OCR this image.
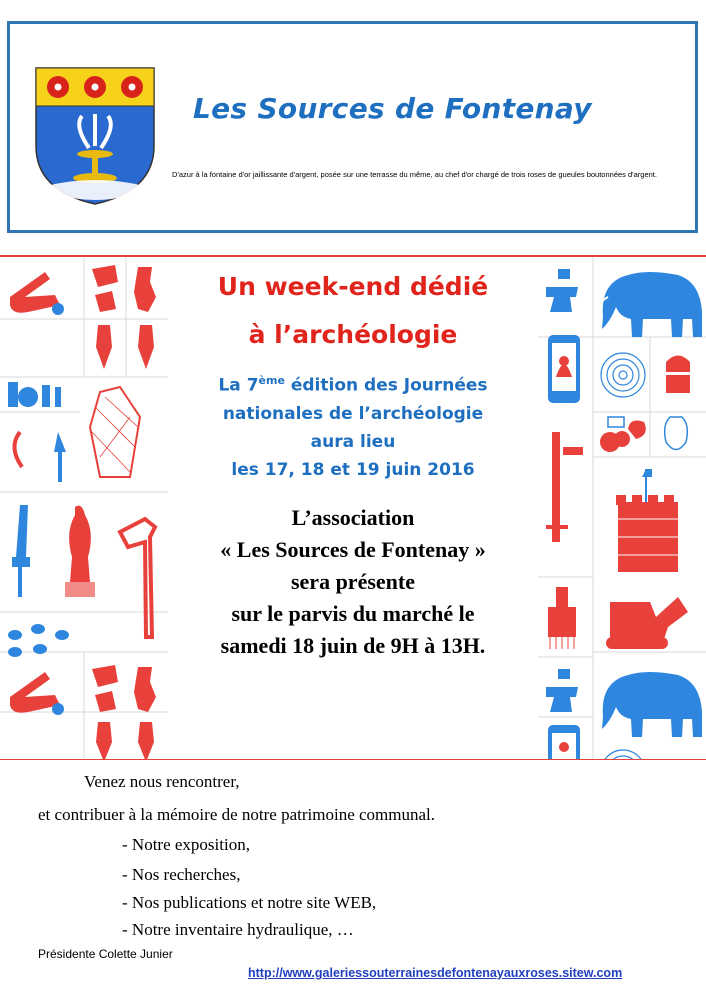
Les Sources de Fontenay
D'azur à la fontaine d'or jaillissante d'argent, posée sur une terrasse du même, au chef d'or chargé de trois roses de gueules boutonnées d'argent.
Un week-end dédié
à l’archéologie
La 7ème édition des Journées
nationales de l’archéologie
aura lieu
les 17, 18 et 19 juin 2016
L’association
« Les Sources de Fontenay »
sera présente
sur le parvis du marché le
samedi 18 juin de 9H à 13H.
Venez nous rencontrer,
et contribuer à la mémoire de notre patrimoine communal.
- Notre exposition,
- Nos recherches,
- Nos publications et notre site WEB,
- Notre inventaire hydraulique, …
Présidente Colette Junier
http://www.galeriessouterrainesdefontenayauxroses.sitew.com
